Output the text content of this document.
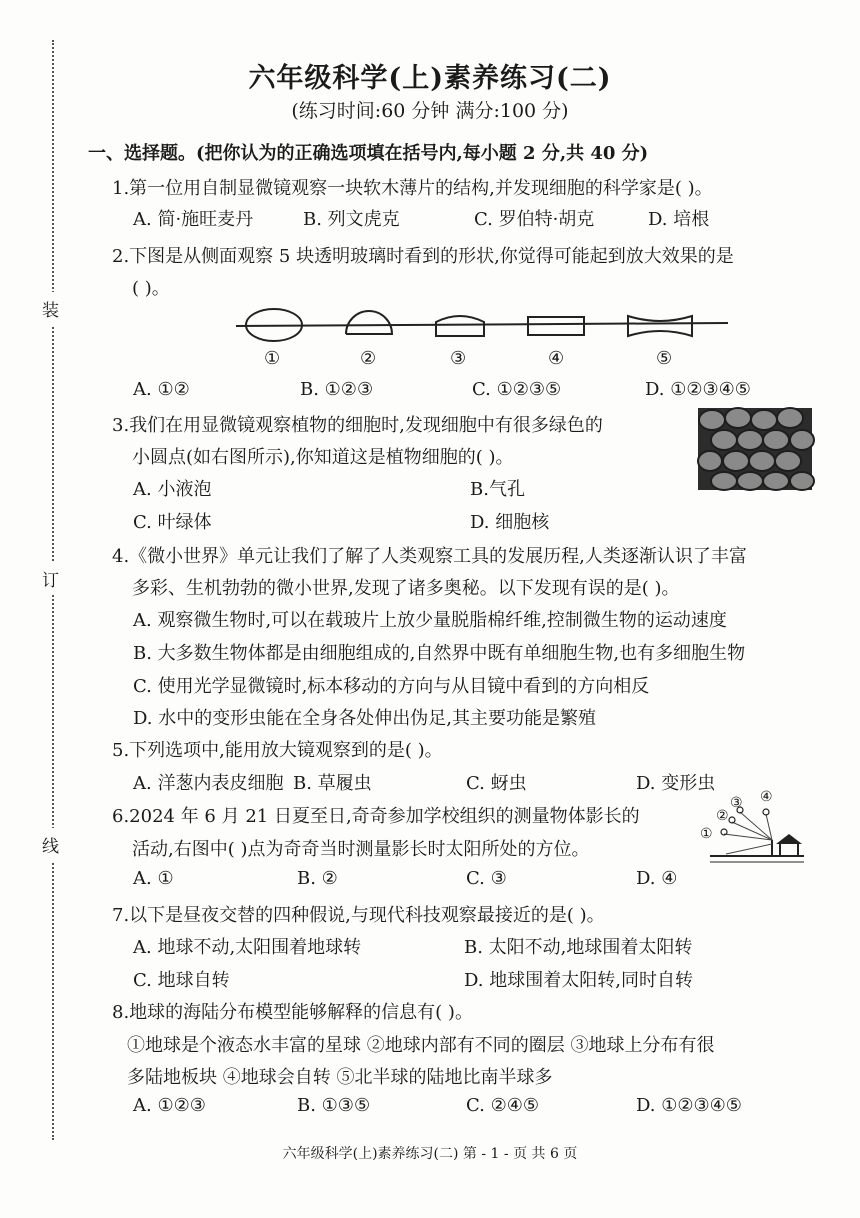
装
订
线
六年级科学(上)素养练习(二)
(练习时间:60 分钟 满分:100 分)
一、选择题。(把你认为的正确选项填在括号内,每小题 2 分,共 40 分)
1.第一位用自制显微镜观察一块软木薄片的结构,并发现细胞的科学家是( )。
A. 简·施旺麦丹	B. 列文虎克	C. 罗伯特·胡克	D. 培根
2.下图是从侧面观察 5 块透明玻璃时看到的形状,你觉得可能起到放大效果的是
( )。
①	②	③	④	⑤
A. ①②	B. ①②③	C. ①②③⑤	D. ①②③④⑤
3.我们在用显微镜观察植物的细胞时,发现细胞中有很多绿色的
小圆点(如右图所示),你知道这是植物细胞的( )。
A. 小液泡	B.气孔
C. 叶绿体	D. 细胞核
4.《微小世界》单元让我们了解了人类观察工具的发展历程,人类逐渐认识了丰富
多彩、生机勃勃的微小世界,发现了诸多奥秘。以下发现有误的是( )。
A. 观察微生物时,可以在载玻片上放少量脱脂棉纤维,控制微生物的运动速度
B. 大多数生物体都是由细胞组成的,自然界中既有单细胞生物,也有多细胞生物
C. 使用光学显微镜时,标本移动的方向与从目镜中看到的方向相反
D. 水中的变形虫能在全身各处伸出伪足,其主要功能是繁殖
5.下列选项中,能用放大镜观察到的是( )。
A. 洋葱内表皮细胞 B. 草履虫	C. 蚜虫	D. 变形虫
6.2024 年 6 月 21 日夏至日,奇奇参加学校组织的测量物体影长的
活动,右图中( )点为奇奇当时测量影长时太阳所处的方位。
①
②
③ ④
A. ①	B. ②	C. ③	D. ④
7.以下是昼夜交替的四种假说,与现代科技观察最接近的是( )。
A. 地球不动,太阳围着地球转	B. 太阳不动,地球围着太阳转
C. 地球自转	D. 地球围着太阳转,同时自转
8.地球的海陆分布模型能够解释的信息有( )。
①地球是个液态水丰富的星球 ②地球内部有不同的圈层 ③地球上分布有很
多陆地板块 ④地球会自转 ⑤北半球的陆地比南半球多
A. ①②③	B. ①③⑤	C. ②④⑤	D. ①②③④⑤
六年级科学(上)素养练习(二) 第 - 1 - 页 共 6 页
